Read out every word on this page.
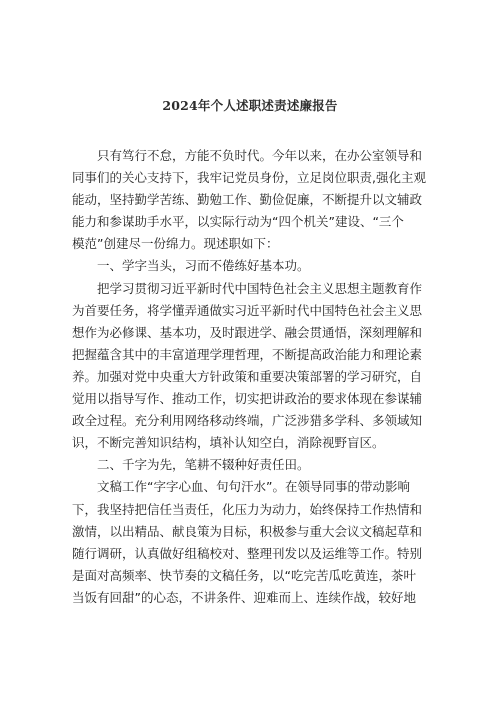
2024年个人述职述责述廉报告
只有笃行不怠，方能不负时代。今年以来，在办公室领导和
同事们的关心支持下，我牢记党员身份，立足岗位职责,强化主观
能动，坚持勤学苦练、勤勉工作、勤俭促廉，不断提升以文辅政
能力和参谋助手水平，以实际行动为“四个机关”建设、“三个
模范”创建尽一份绵力。现述职如下：
一、学字当头，习而不倦练好基本功。
把学习贯彻习近平新时代中国特色社会主义思想主题教育作
为首要任务，将学懂弄通做实习近平新时代中国特色社会主义思
想作为必修课、基本功，及时跟进学、融会贯通悟，深刻理解和
把握蕴含其中的丰富道理学理哲理，不断提高政治能力和理论素
养。加强对党中央重大方针政策和重要决策部署的学习研究，自
觉用以指导写作、推动工作，切实把讲政治的要求体现在参谋辅
政全过程。充分利用网络移动终端，广泛涉猎多学科、多领域知
识，不断完善知识结构，填补认知空白，消除视野盲区。
二、千字为先，笔耕不辍种好责任田。
文稿工作“字字心血、句句汗水”。在领导同事的带动影响
下，我坚持把信任当责任，化压力为动力，始终保持工作热情和
激情，以出精品、献良策为目标，积极参与重大会议文稿起草和
随行调研，认真做好组稿校对、整理刊发以及运维等工作。特别
是面对高频率、快节奏的文稿任务，以“吃完苦瓜吃黄连，茶叶
当饭有回甜”的心态，不讲条件、迎难而上、连续作战，较好地
